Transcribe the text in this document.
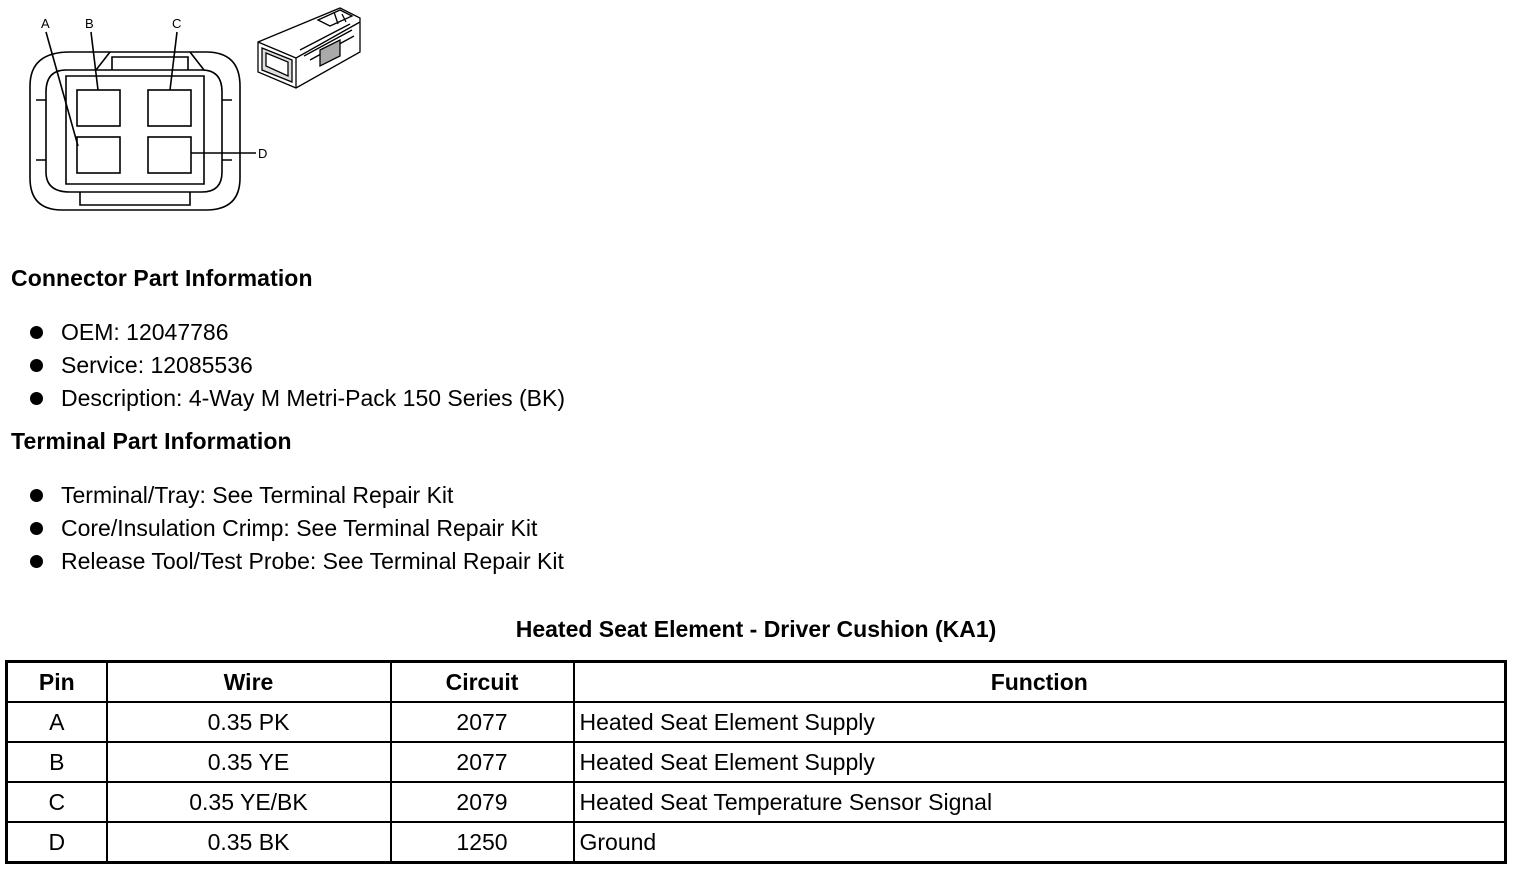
A	B	C
D
Connector Part Information
OEM: 12047786
Service: 12085536
Description: 4-Way M Metri-Pack 150 Series (BK)
Terminal Part Information
Terminal/Tray: See Terminal Repair Kit
Core/Insulation Crimp: See Terminal Repair Kit
Release Tool/Test Probe: See Terminal Repair Kit
Heated Seat Element - Driver Cushion (KA1)
Pin	Wire	Circuit	Function
A	0.35 PK	2077	Heated Seat Element Supply
B	0.35 YE	2077	Heated Seat Element Supply
C	0.35 YE/BK	2079	Heated Seat Temperature Sensor Signal
D	0.35 BK	1250	Ground
